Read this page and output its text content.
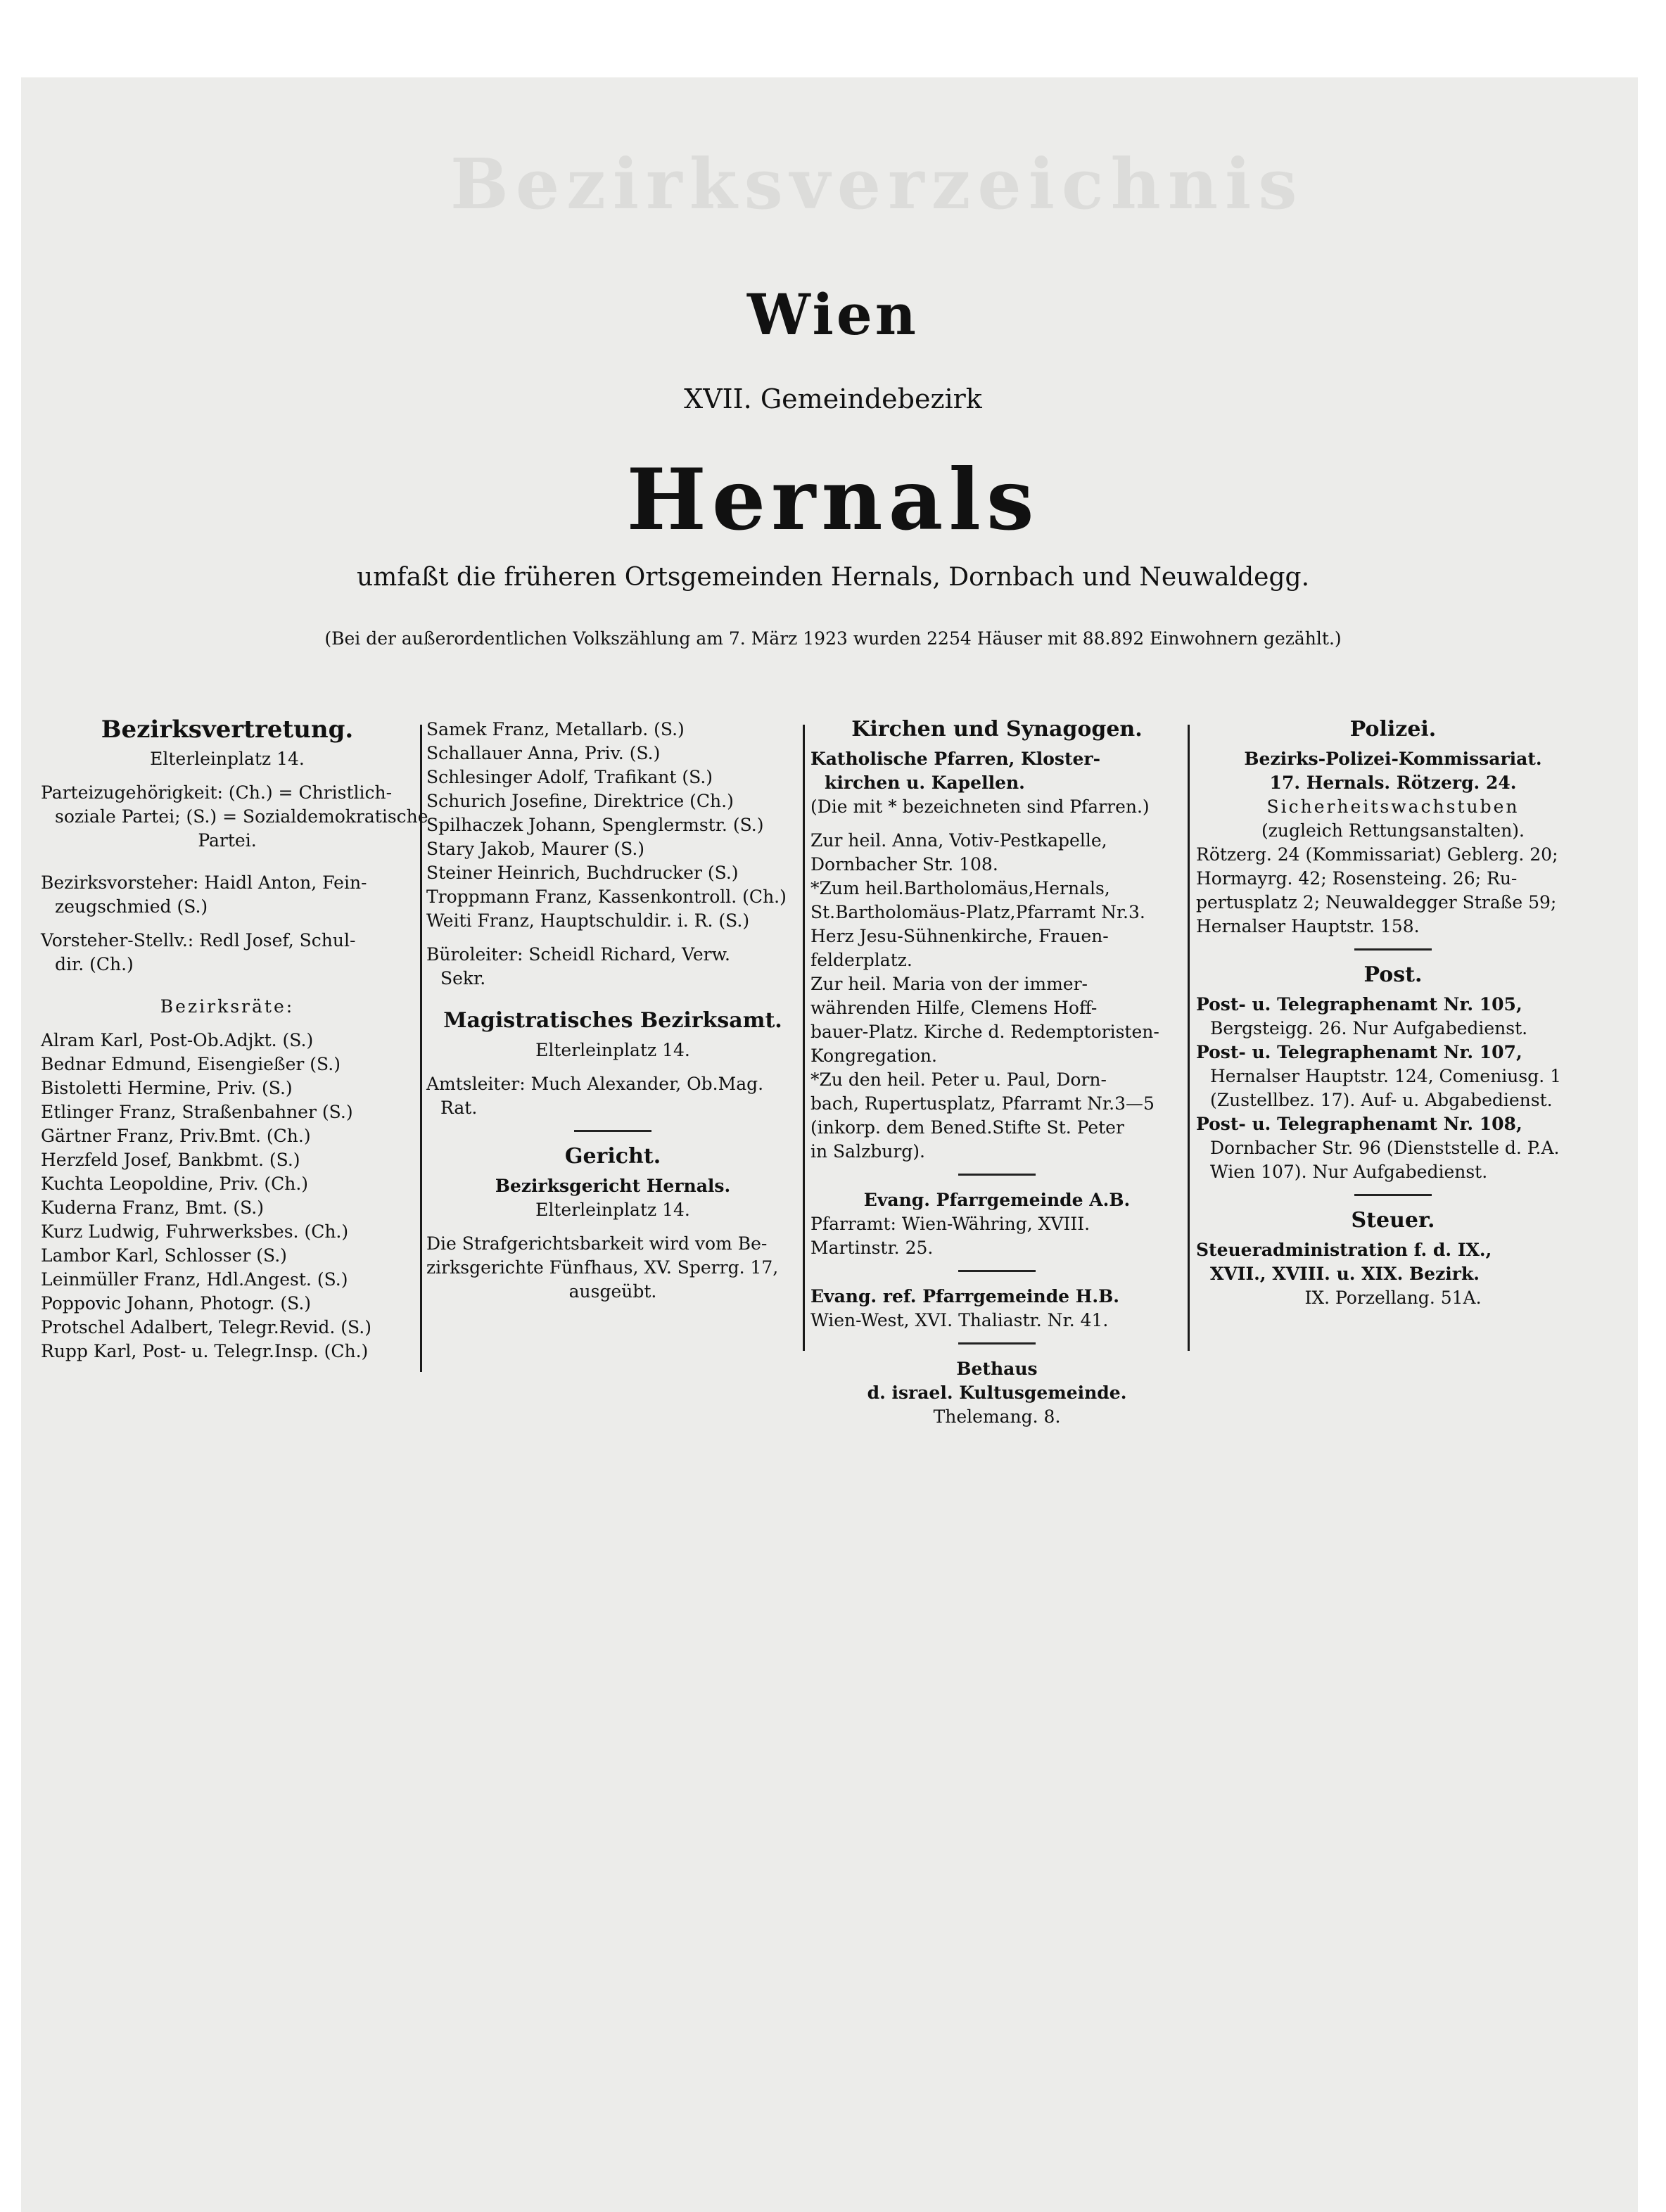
Bezirksverzeichnis
Wien
XVII. Gemeindebezirk
Hernals
umfaßt die früheren Ortsgemeinden Hernals, Dornbach und Neuwaldegg.
(Bei der außerordentlichen Volkszählung am 7. März 1923 wurden 2254 Häuser mit 88.892 Einwohnern gezählt.)
Bezirksvertretung.
Elterleinplatz 14.
Parteizugehörigkeit: (Ch.) = Christlich-
soziale Partei; (S.) = Sozialdemokratische
Partei.
Bezirksvorsteher: Haidl Anton, Fein-
zeugschmied (S.)
Vorsteher-Stellv.: Redl Josef, Schul-
dir. (Ch.)
Bezirksräte:
Alram Karl, Post-Ob.Adjkt. (S.)
Bednar Edmund, Eisengießer (S.)
Bistoletti Hermine, Priv. (S.)
Etlinger Franz, Straßenbahner (S.)
Gärtner Franz, Priv.Bmt. (Ch.)
Herzfeld Josef, Bankbmt. (S.)
Kuchta Leopoldine, Priv. (Ch.)
Kuderna Franz, Bmt. (S.)
Kurz Ludwig, Fuhrwerksbes. (Ch.)
Lambor Karl, Schlosser (S.)
Leinmüller Franz, Hdl.Angest. (S.)
Poppovic Johann, Photogr. (S.)
Protschel Adalbert, Telegr.Revid. (S.)
Rupp Karl, Post- u. Telegr.Insp. (Ch.)
Samek Franz, Metallarb. (S.)
Schallauer Anna, Priv. (S.)
Schlesinger Adolf, Trafikant (S.)
Schurich Josefine, Direktrice (Ch.)
Spilhaczek Johann, Spenglermstr. (S.)
Stary Jakob, Maurer (S.)
Steiner Heinrich, Buchdrucker (S.)
Troppmann Franz, Kassenkontroll. (Ch.)
Weiti Franz, Hauptschuldir. i. R. (S.)
Büroleiter: Scheidl Richard, Verw.
Sekr.
Magistratisches Bezirksamt.
Elterleinplatz 14.
Amtsleiter: Much Alexander, Ob.Mag.
Rat.
Gericht.
Bezirksgericht Hernals.
Elterleinplatz 14.
Die Strafgerichtsbarkeit wird vom Be-
zirksgerichte Fünfhaus, XV. Sperrg. 17,
ausgeübt.
Kirchen und Synagogen.
Katholische Pfarren, Kloster-
kirchen u. Kapellen.
(Die mit * bezeichneten sind Pfarren.)
Zur heil. Anna, Votiv-Pestkapelle,
Dornbacher Str. 108.
*Zum heil.Bartholomäus,Hernals,
St.Bartholomäus-Platz,Pfarramt Nr.3.
Herz Jesu-Sühnenkirche, Frauen-
felderplatz.
Zur heil. Maria von der immer-
währenden Hilfe, Clemens Hoff-
bauer-Platz. Kirche d. Redemptoristen-
Kongregation.
*Zu den heil. Peter u. Paul, Dorn-
bach, Rupertusplatz, Pfarramt Nr.3—5
(inkorp. dem Bened.Stifte St. Peter
in Salzburg).
Evang. Pfarrgemeinde A.B.
Pfarramt: Wien-Währing, XVIII.
Martinstr. 25.
Evang. ref. Pfarrgemeinde H.B.
Wien-West, XVI. Thaliastr. Nr. 41.
Bethaus
d. israel. Kultusgemeinde.
Thelemang. 8.
Polizei.
Bezirks-Polizei-Kommissariat.
17. Hernals. Rötzerg. 24.
Sicherheitswachstuben
(zugleich Rettungsanstalten).
Rötzerg. 24 (Kommissariat) Geblerg. 20;
Hormayrg. 42; Rosensteing. 26; Ru-
pertusplatz 2; Neuwaldegger Straße 59;
Hernalser Hauptstr. 158.
Post.
Post- u. Telegraphenamt Nr. 105,
Bergsteigg. 26. Nur Aufgabedienst.
Post- u. Telegraphenamt Nr. 107,
Hernalser Hauptstr. 124, Comeniusg. 1
(Zustellbez. 17). Auf- u. Abgabedienst.
Post- u. Telegraphenamt Nr. 108,
Dornbacher Str. 96 (Dienststelle d. P.A.
Wien 107). Nur Aufgabedienst.
Steuer.
Steueradministration f. d. IX.,
XVII., XVIII. u. XIX. Bezirk.
IX. Porzellang. 51A.
